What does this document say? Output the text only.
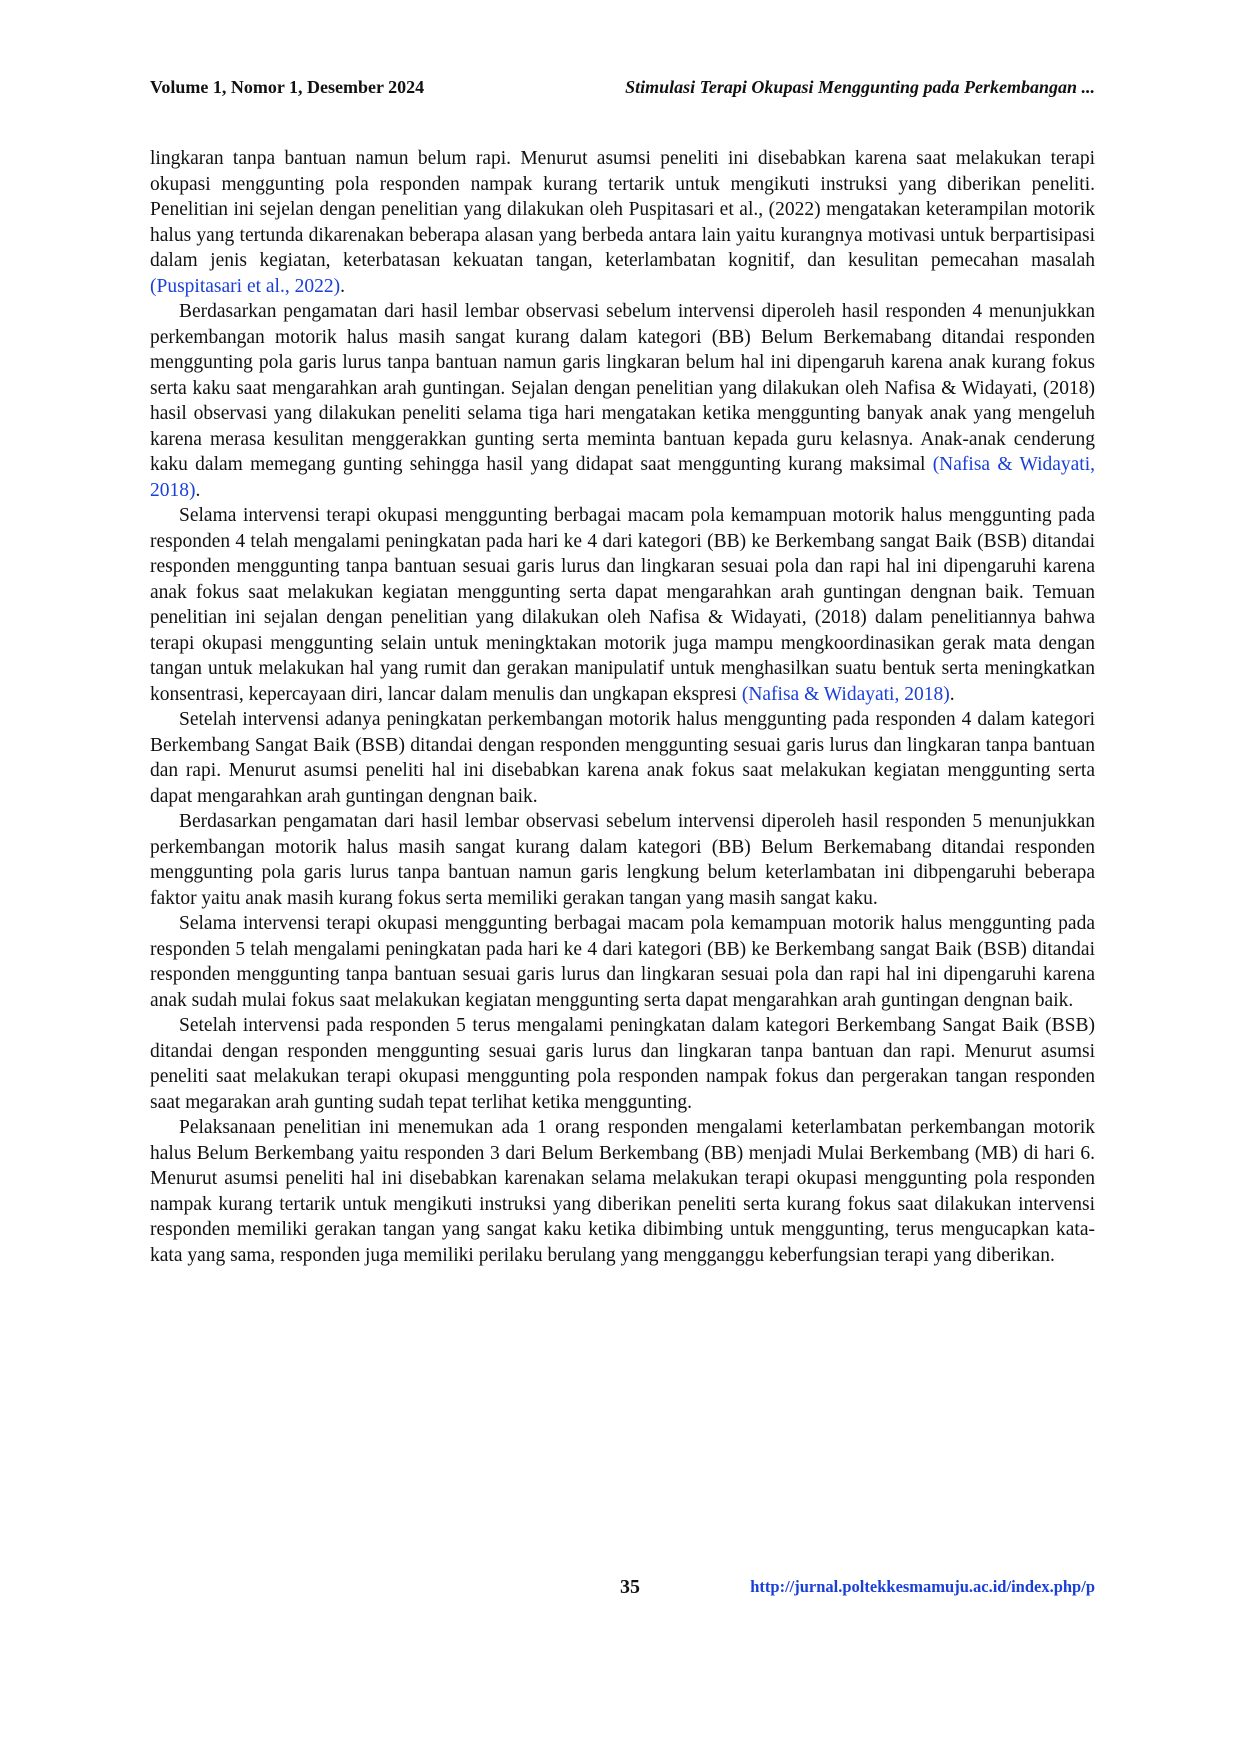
Volume 1, Nomor 1, Desember 2024	Stimulasi Terapi Okupasi Menggunting pada Perkembangan ...

lingkaran tanpa bantuan namun belum rapi. Menurut asumsi peneliti ini disebabkan karena saat melakukan terapi okupasi menggunting pola responden nampak kurang tertarik untuk mengikuti instruksi yang diberikan peneliti. Penelitian ini sejelan dengan penelitian yang dilakukan oleh Puspitasari et al., (2022) mengatakan keterampilan motorik halus yang tertunda dikarenakan beberapa alasan yang berbeda antara lain yaitu kurangnya motivasi untuk berpartisipasi dalam jenis kegiatan, keterbatasan kekuatan tangan, keterlambatan kognitif, dan kesulitan pemecahan masalah (Puspitasari et al., 2022).

Berdasarkan pengamatan dari hasil lembar observasi sebelum intervensi diperoleh hasil responden 4 menunjukkan perkembangan motorik halus masih sangat kurang dalam kategori (BB) Belum Berkemabang ditandai responden menggunting pola garis lurus tanpa bantuan namun garis lingkaran belum hal ini dipengaruh karena anak kurang fokus serta kaku saat mengarahkan arah guntingan. Sejalan dengan penelitian yang dilakukan oleh Nafisa & Widayati, (2018) hasil observasi yang dilakukan peneliti selama tiga hari mengatakan ketika menggunting banyak anak yang mengeluh karena merasa kesulitan menggerakkan gunting serta meminta bantuan kepada guru kelasnya. Anak-anak cenderung kaku dalam memegang gunting sehingga hasil yang didapat saat menggunting kurang maksimal (Nafisa & Widayati, 2018).

Selama intervensi terapi okupasi menggunting berbagai macam pola kemampuan motorik halus menggunting pada responden 4 telah mengalami peningkatan pada hari ke 4 dari kategori (BB) ke Berkembang sangat Baik (BSB) ditandai responden menggunting tanpa bantuan sesuai garis lurus dan lingkaran sesuai pola dan rapi hal ini dipengaruhi karena anak fokus saat melakukan kegiatan menggunting serta dapat mengarahkan arah guntingan dengnan baik. Temuan penelitian ini sejalan dengan penelitian yang dilakukan oleh Nafisa & Widayati, (2018) dalam penelitiannya bahwa terapi okupasi menggunting selain untuk meningktakan motorik juga mampu mengkoordinasikan gerak mata dengan tangan untuk melakukan hal yang rumit dan gerakan manipulatif untuk menghasilkan suatu bentuk serta meningkatkan konsentrasi, kepercayaan diri, lancar dalam menulis dan ungkapan ekspresi (Nafisa & Widayati, 2018).

Setelah intervensi adanya peningkatan perkembangan motorik halus menggunting pada responden 4 dalam kategori Berkembang Sangat Baik (BSB) ditandai dengan responden menggunting sesuai garis lurus dan lingkaran tanpa bantuan dan rapi. Menurut asumsi peneliti hal ini disebabkan karena anak fokus saat melakukan kegiatan menggunting serta dapat mengarahkan arah guntingan dengnan baik.

Berdasarkan pengamatan dari hasil lembar observasi sebelum intervensi diperoleh hasil responden 5 menunjukkan perkembangan motorik halus masih sangat kurang dalam kategori (BB) Belum Berkemabang ditandai responden menggunting pola garis lurus tanpa bantuan namun garis lengkung belum keterlambatan ini dibpengaruhi beberapa faktor yaitu anak masih kurang fokus serta memiliki gerakan tangan yang masih sangat kaku.

Selama intervensi terapi okupasi menggunting berbagai macam pola kemampuan motorik halus menggunting pada responden 5 telah mengalami peningkatan pada hari ke 4 dari kategori (BB) ke Berkembang sangat Baik (BSB) ditandai responden menggunting tanpa bantuan sesuai garis lurus dan lingkaran sesuai pola dan rapi hal ini dipengaruhi karena anak sudah mulai fokus saat melakukan kegiatan menggunting serta dapat mengarahkan arah guntingan dengnan baik.

Setelah intervensi pada responden 5 terus mengalami peningkatan dalam kategori Berkembang Sangat Baik (BSB) ditandai dengan responden menggunting sesuai garis lurus dan lingkaran tanpa bantuan dan rapi. Menurut asumsi peneliti saat melakukan terapi okupasi menggunting pola responden nampak fokus dan pergerakan tangan responden saat megarakan arah gunting sudah tepat terlihat ketika menggunting.

Pelaksanaan penelitian ini menemukan ada 1 orang responden mengalami keterlambatan perkembangan motorik halus Belum Berkembang yaitu responden 3 dari Belum Berkembang (BB) menjadi Mulai Berkembang (MB) di hari 6. Menurut asumsi peneliti hal ini disebabkan karenakan selama melakukan terapi okupasi menggunting pola responden nampak kurang tertarik untuk mengikuti instruksi yang diberikan peneliti serta kurang fokus saat dilakukan intervensi responden memiliki gerakan tangan yang sangat kaku ketika dibimbing untuk menggunting, terus mengucapkan kata-kata yang sama, responden juga memiliki perilaku berulang yang mengganggu keberfungsian terapi yang diberikan.

35	http://jurnal.poltekkesmamuju.ac.id/index.php/p
